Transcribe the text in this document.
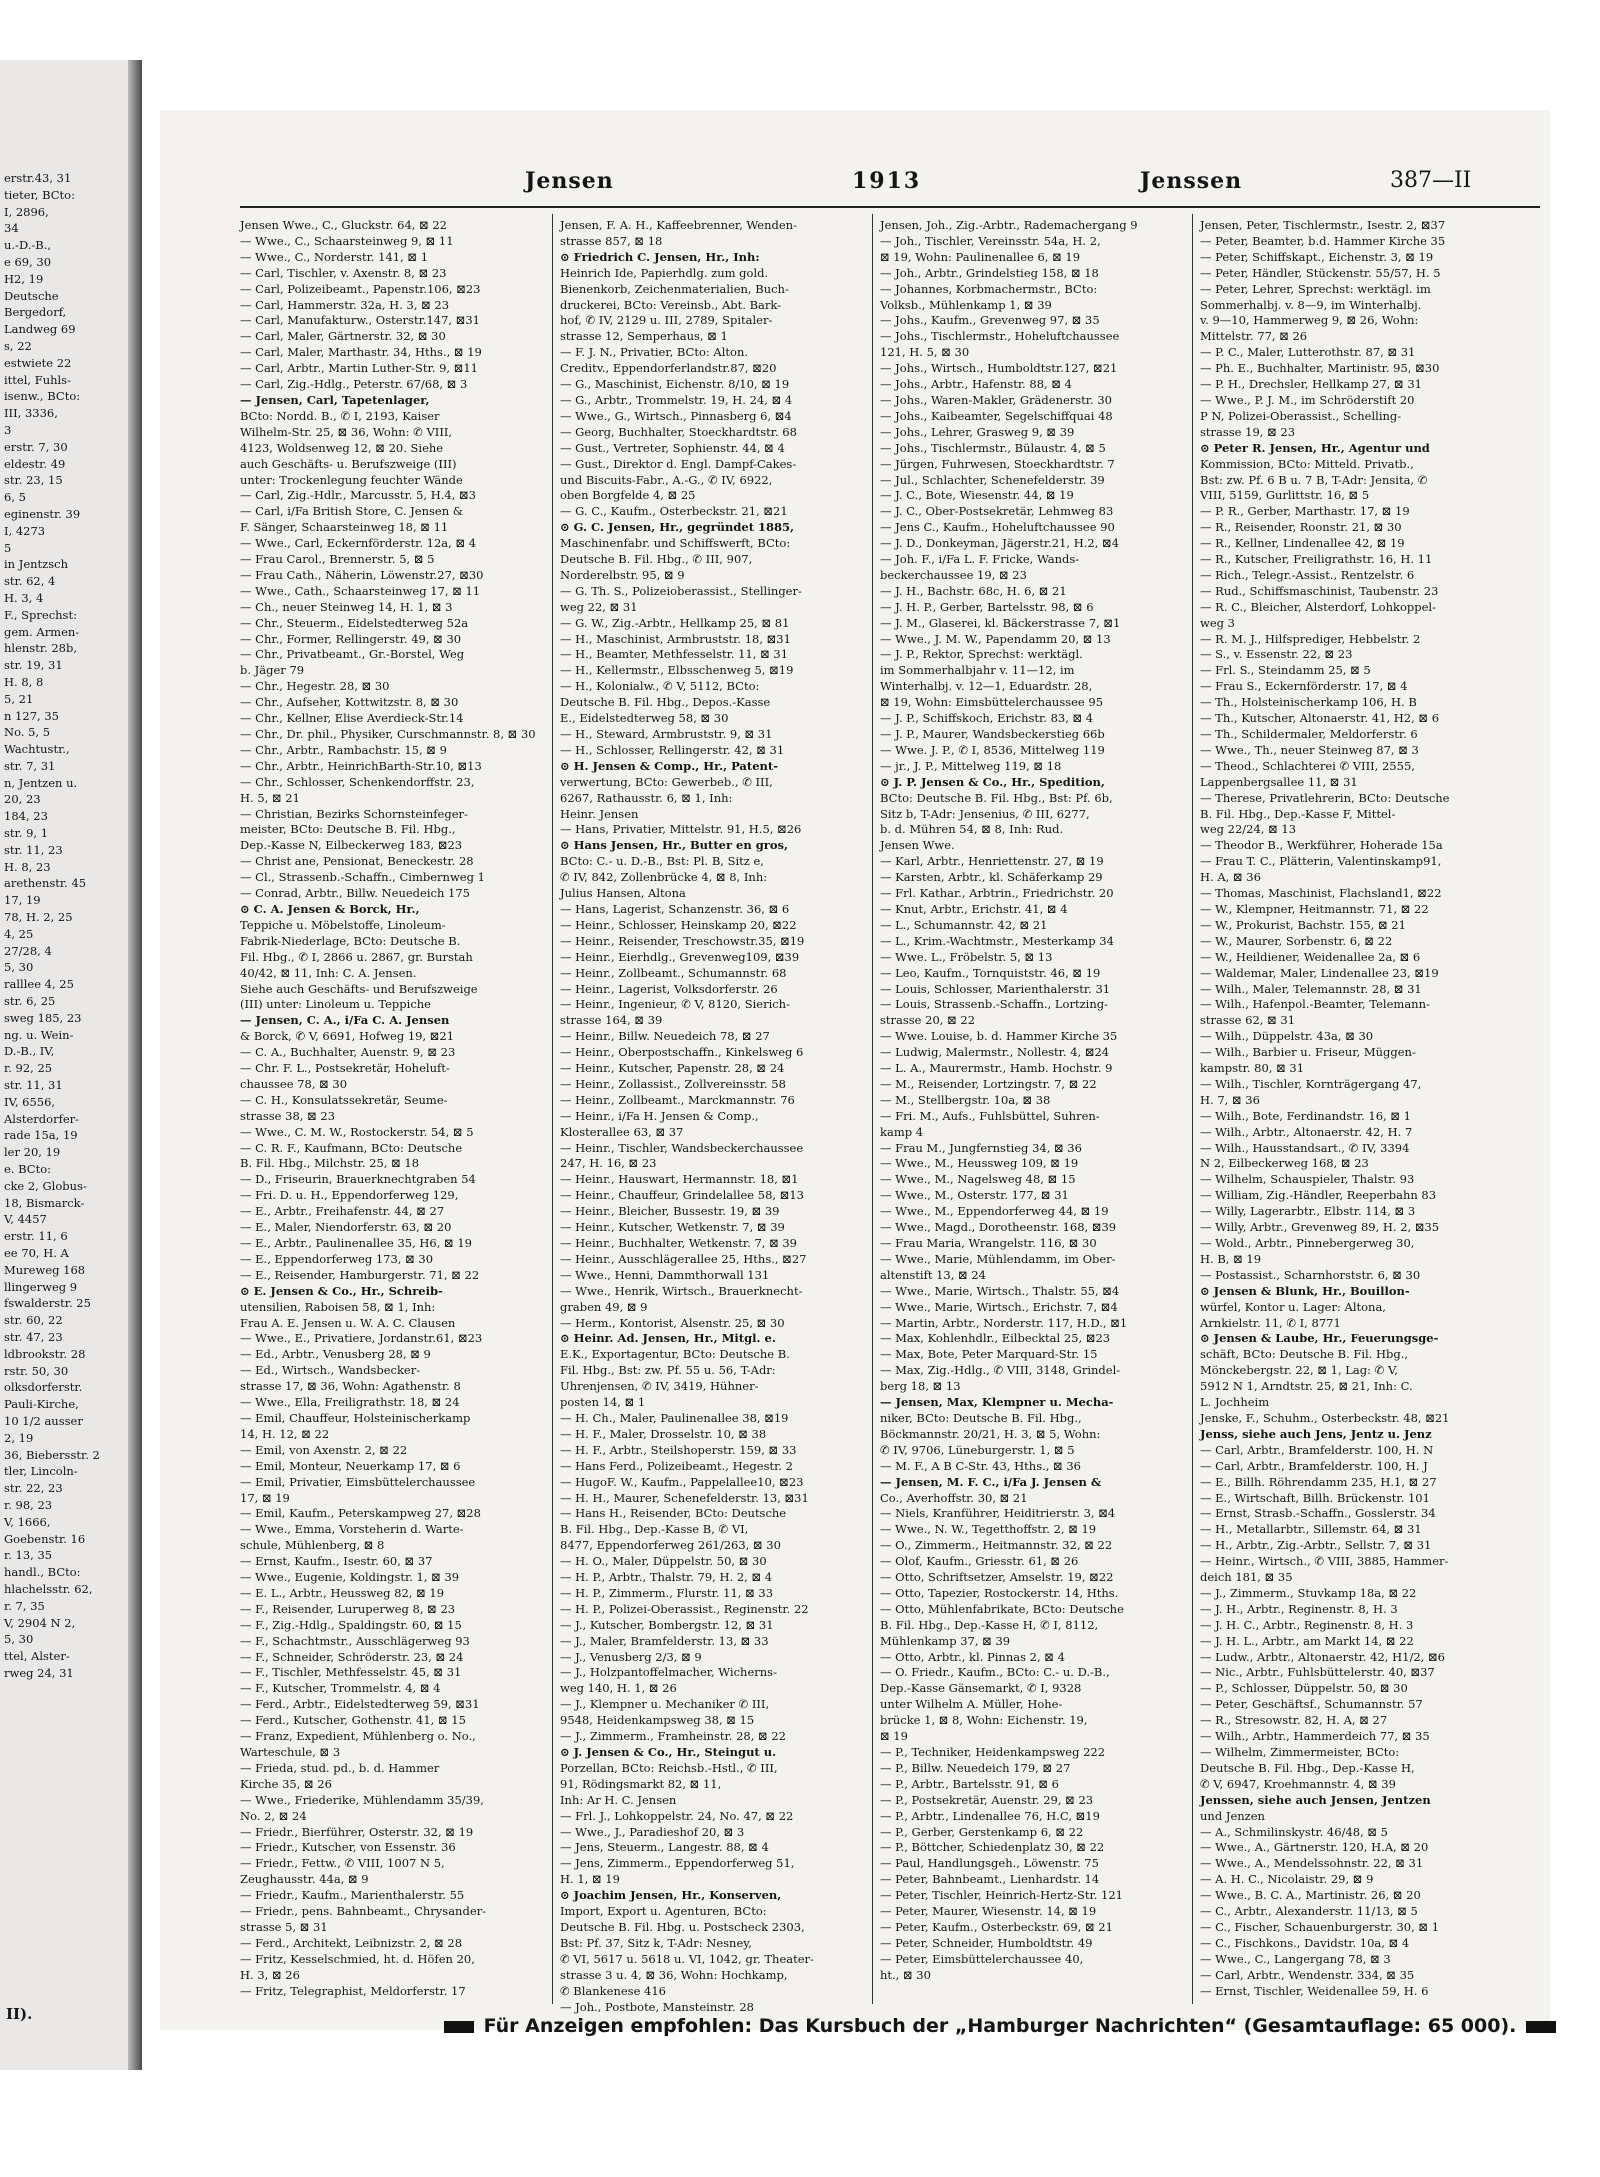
erstr.43, 31
tieter, BCto:
I, 2896,
34
u.-D.-B.,
e 69, 30
H2, 19
Deutsche
Bergedorf,
Landweg 69
s, 22
estwiete 22
ittel, Fuhls-
isenw., BCto:
III, 3336,
3
erstr. 7, 30
eldestr. 49
str. 23, 15
6, 5
eginenstr. 39
I, 4273
5
in Jentzsch
str. 62, 4
H. 3, 4
F., Sprechst:
gem. Armen-
hlenstr. 28b,
str. 19, 31
H. 8, 8
5, 21
n 127, 35
No. 5, 5
Wachtustr.,
str. 7, 31
n, Jentzen u.
20, 23
184, 23
str. 9, 1
str. 11, 23
H. 8, 23
arethenstr. 45
17, 19
78, H. 2, 25
4, 25
27/28, 4
5, 30
ralllee 4, 25
str. 6, 25
sweg 185, 23
ng. u. Wein-
D.-B., IV,
r. 92, 25
str. 11, 31
IV, 6556,
Alsterdorfer-
rade 15a, 19
ler 20, 19
e. BCto:
cke 2, Globus-
18, Bismarck-
V, 4457
erstr. 11, 6
ee 70, H. A
Mureweg 168
llingerweg 9
fswalderstr. 25
str. 60, 22
str. 47, 23
ldbrookstr. 28
rstr. 50, 30
olksdorferstr.
Pauli-Kirche,
10 1/2 ausser
2, 19
36, Biebersstr. 2
tler, Lincoln-
str. 22, 23
r. 98, 23
V, 1666,
Goebenstr. 16
r. 13, 35
handl., BCto:
hlachelsstr. 62,
r. 7, 35
V, 2904 N 2,
5, 30
ttel, Alster-
rweg 24, 31
II).
Jensen	1913	Jenssen	387—II
Jensen Wwe., C., Gluckstr. 64, ⊠ 22
— Wwe., C., Schaarsteinweg 9, ⊠ 11
— Wwe., C., Norderstr. 141, ⊠ 1
— Carl, Tischler, v. Axenstr. 8, ⊠ 23
— Carl, Polizeibeamt., Papenstr.106, ⊠23
— Carl, Hammerstr. 32a, H. 3, ⊠ 23
— Carl, Manufakturw., Osterstr.147, ⊠31
— Carl, Maler, Gärtnerstr. 32, ⊠ 30
— Carl, Maler, Marthastr. 34, Hths., ⊠ 19
— Carl, Arbtr., Martin Luther-Str. 9, ⊠11
— Carl, Zig.-Hdlg., Peterstr. 67/68, ⊠ 3
— Jensen, Carl, Tapetenlager,
BCto: Nordd. B., ✆ I, 2193, Kaiser
Wilhelm-Str. 25, ⊠ 36, Wohn: ✆ VIII,
4123, Woldsenweg 12, ⊠ 20. Siehe
auch Geschäfts- u. Berufszweige (III)
unter: Trockenlegung feuchter Wände
— Carl, Zig.-Hdlr., Marcusstr. 5, H.4, ⊠3
— Carl, i/Fa British Store, C. Jensen &
F. Sänger, Schaarsteinweg 18, ⊠ 11
— Wwe., Carl, Eckernförderstr. 12a, ⊠ 4
— Frau Carol., Brennerstr. 5, ⊠ 5
— Frau Cath., Näherin, Löwenstr.27, ⊠30
— Wwe., Cath., Schaarsteinweg 17, ⊠ 11
— Ch., neuer Steinweg 14, H. 1, ⊠ 3
— Chr., Steuerm., Eidelstedterweg 52a
— Chr., Former, Rellingerstr. 49, ⊠ 30
— Chr., Privatbeamt., Gr.-Borstel, Weg
b. Jäger 79
— Chr., Hegestr. 28, ⊠ 30
— Chr., Aufseher, Kottwitzstr. 8, ⊠ 30
— Chr., Kellner, Elise Averdieck-Str.14
— Chr., Dr. phil., Physiker, Curschmannstr. 8, ⊠ 30
— Chr., Arbtr., Rambachstr. 15, ⊠ 9
— Chr., Arbtr., HeinrichBarth-Str.10, ⊠13
— Chr., Schlosser, Schenkendorffstr. 23,
H. 5, ⊠ 21
— Christian, Bezirks Schornsteinfeger-
meister, BCto: Deutsche B. Fil. Hbg.,
Dep.-Kasse N, Eilbeckerweg 183, ⊠23
— Christ ane, Pensionat, Beneckestr. 28
— Cl., Strassenb.-Schaffn., Cimbernweg 1
— Conrad, Arbtr., Billw. Neuedeich 175
⊙ C. A. Jensen & Borck, Hr.,
Teppiche u. Möbelstoffe, Linoleum-
Fabrik-Niederlage, BCto: Deutsche B.
Fil. Hbg., ✆ I, 2866 u. 2867, gr. Burstah
40/42, ⊠ 11, Inh: C. A. Jensen.
Siehe auch Geschäfts- und Berufszweige
(III) unter: Linoleum u. Teppiche
— Jensen, C. A., i/Fa C. A. Jensen
& Borck, ✆ V, 6691, Hofweg 19, ⊠21
— C. A., Buchhalter, Auenstr. 9, ⊠ 23
— Chr. F. L., Postsekretär, Hoheluft-
chaussee 78, ⊠ 30
— C. H., Konsulatssekretär, Seume-
strasse 38, ⊠ 23
— Wwe., C. M. W., Rostockerstr. 54, ⊠ 5
— C. R. F., Kaufmann, BCto: Deutsche
B. Fil. Hbg., Milchstr. 25, ⊠ 18
— D., Friseurin, Brauerknechtgraben 54
— Fri. D. u. H., Eppendorferweg 129,
— E., Arbtr., Freihafenstr. 44, ⊠ 27
— E., Maler, Niendorferstr. 63, ⊠ 20
— E., Arbtr., Paulinenallee 35, H6, ⊠ 19
— E., Eppendorferweg 173, ⊠ 30
— E., Reisender, Hamburgerstr. 71, ⊠ 22
⊙ E. Jensen & Co., Hr., Schreib-
utensilien, Raboisen 58, ⊠ 1, Inh:
Frau A. E. Jensen u. W. A. C. Clausen
— Wwe., E., Privatiere, Jordanstr.61, ⊠23
— Ed., Arbtr., Venusberg 28, ⊠ 9
— Ed., Wirtsch., Wandsbecker-
strasse 17, ⊠ 36, Wohn: Agathenstr. 8
— Wwe., Ella, Freiligrathstr. 18, ⊠ 24
— Emil, Chauffeur, Holsteinischerkamp
14, H. 12, ⊠ 22
— Emil, von Axenstr. 2, ⊠ 22
— Emil, Monteur, Neuerkamp 17, ⊠ 6
— Emil, Privatier, Eimsbüttelerchaussee
17, ⊠ 19
— Emil, Kaufm., Peterskampweg 27, ⊠28
— Wwe., Emma, Vorsteherin d. Warte-
schule, Mühlenberg, ⊠ 8
— Ernst, Kaufm., Isestr. 60, ⊠ 37
— Wwe., Eugenie, Koldingstr. 1, ⊠ 39
— E. L., Arbtr., Heussweg 82, ⊠ 19
— F., Reisender, Luruperweg 8, ⊠ 23
— F., Zig.-Hdlg., Spaldingstr. 60, ⊠ 15
— F., Schachtmstr., Ausschlägerweg 93
— F., Schneider, Schröderstr. 23, ⊠ 24
— F., Tischler, Methfesselstr. 45, ⊠ 31
— F., Kutscher, Trommelstr. 4, ⊠ 4
— Ferd., Arbtr., Eidelstedterweg 59, ⊠31
— Ferd., Kutscher, Gothenstr. 41, ⊠ 15
— Franz, Expedient, Mühlenberg o. No.,
Warteschule, ⊠ 3
— Frieda, stud. pd., b. d. Hammer
Kirche 35, ⊠ 26
— Wwe., Friederike, Mühlendamm 35/39,
No. 2, ⊠ 24
— Friedr., Bierführer, Osterstr. 32, ⊠ 19
— Friedr., Kutscher, von Essenstr. 36
— Friedr., Fettw., ✆ VIII, 1007 N 5,
Zeughausstr. 44a, ⊠ 9
— Friedr., Kaufm., Marienthalerstr. 55
— Friedr., pens. Bahnbeamt., Chrysander-
strasse 5, ⊠ 31
— Ferd., Architekt, Leibnizstr. 2, ⊠ 28
— Fritz, Kesselschmied, ht. d. Höfen 20,
H. 3, ⊠ 26
— Fritz, Telegraphist, Meldorferstr. 17
Jensen, F. A. H., Kaffeebrenner, Wenden-
strasse 857, ⊠ 18
⊙ Friedrich C. Jensen, Hr., Inh:
Heinrich Ide, Papierhdlg. zum gold.
Bienenkorb, Zeichenmaterialien, Buch-
druckerei, BCto: Vereinsb., Abt. Bark-
hof, ✆ IV, 2129 u. III, 2789, Spitaler-
strasse 12, Semperhaus, ⊠ 1
— F. J. N., Privatier, BCto: Alton.
Creditv., Eppendorferlandstr.87, ⊠20
— G., Maschinist, Eichenstr. 8/10, ⊠ 19
— G., Arbtr., Trommelstr. 19, H. 24, ⊠ 4
— Wwe., G., Wirtsch., Pinnasberg 6, ⊠4
— Georg, Buchhalter, Stoeckhardtstr. 68
— Gust., Vertreter, Sophienstr. 44, ⊠ 4
— Gust., Direktor d. Engl. Dampf-Cakes-
und Biscuits-Fabr., A.-G., ✆ IV, 6922,
oben Borgfelde 4, ⊠ 25
— G. C., Kaufm., Osterbeckstr. 21, ⊠21
⊙ G. C. Jensen, Hr., gegründet 1885,
Maschinenfabr. und Schiffswerft, BCto:
Deutsche B. Fil. Hbg., ✆ III, 907,
Norderelbstr. 95, ⊠ 9
— G. Th. S., Polizeioberassist., Stellinger-
weg 22, ⊠ 31
— G. W., Zig.-Arbtr., Hellkamp 25, ⊠ 81
— H., Maschinist, Armbruststr. 18, ⊠31
— H., Beamter, Methfesselstr. 11, ⊠ 31
— H., Kellermstr., Elbsschenweg 5, ⊠19
— H., Kolonialw., ✆ V, 5112, BCto:
Deutsche B. Fil. Hbg., Depos.-Kasse
E., Eidelstedterweg 58, ⊠ 30
— H., Steward, Armbruststr. 9, ⊠ 31
— H., Schlosser, Rellingerstr. 42, ⊠ 31
⊙ H. Jensen & Comp., Hr., Patent-
verwertung, BCto: Gewerbeb., ✆ III,
6267, Rathausstr. 6, ⊠ 1, Inh:
Heinr. Jensen
— Hans, Privatier, Mittelstr. 91, H.5, ⊠26
⊙ Hans Jensen, Hr., Butter en gros,
BCto: C.- u. D.-B., Bst: Pl. B, Sitz e,
✆ IV, 842, Zollenbrücke 4, ⊠ 8, Inh:
Julius Hansen, Altona
— Hans, Lagerist, Schanzenstr. 36, ⊠ 6
— Heinr., Schlosser, Heinskamp 20, ⊠22
— Heinr., Reisender, Treschowstr.35, ⊠19
— Heinr., Eierhdlg., Grevenweg109, ⊠39
— Heinr., Zollbeamt., Schumannstr. 68
— Heinr., Lagerist, Volksdorferstr. 26
— Heinr., Ingenieur, ✆ V, 8120, Sierich-
strasse 164, ⊠ 39
— Heinr., Billw. Neuedeich 78, ⊠ 27
— Heinr., Oberpostschaffn., Kinkelsweg 6
— Heinr., Kutscher, Papenstr. 28, ⊠ 24
— Heinr., Zollassist., Zollvereinsstr. 58
— Heinr., Zollbeamt., Marckmannstr. 76
— Heinr., i/Fa H. Jensen & Comp.,
Klosterallee 63, ⊠ 37
— Heinr., Tischler, Wandsbeckerchaussee
247, H. 16, ⊠ 23
— Heinr., Hauswart, Hermannstr. 18, ⊠1
— Heinr., Chauffeur, Grindelallee 58, ⊠13
— Heinr., Bleicher, Bussestr. 19, ⊠ 39
— Heinr., Kutscher, Wetkenstr. 7, ⊠ 39
— Heinr., Buchhalter, Wetkenstr. 7, ⊠ 39
— Heinr., Ausschlägerallee 25, Hths., ⊠27
— Wwe., Henni, Dammthorwall 131
— Wwe., Henrik, Wirtsch., Brauerknecht-
graben 49, ⊠ 9
— Herm., Kontorist, Alsenstr. 25, ⊠ 30
⊙ Heinr. Ad. Jensen, Hr., Mitgl. e.
E.K., Exportagentur, BCto: Deutsche B.
Fil. Hbg., Bst: zw. Pf. 55 u. 56, T-Adr:
Uhrenjensen, ✆ IV, 3419, Hühner-
posten 14, ⊠ 1
— H. Ch., Maler, Paulinenallee 38, ⊠19
— H. F., Maler, Drosselstr. 10, ⊠ 38
— H. F., Arbtr., Steilshoperstr. 159, ⊠ 33
— Hans Ferd., Polizeibeamt., Hegestr. 2
— HugoF. W., Kaufm., Pappelallee10, ⊠23
— H. H., Maurer, Schenefelderstr. 13, ⊠31
— Hans H., Reisender, BCto: Deutsche
B. Fil. Hbg., Dep.-Kasse B, ✆ VI,
8477, Eppendorferweg 261/263, ⊠ 30
— H. O., Maler, Düppelstr. 50, ⊠ 30
— H. P., Arbtr., Thalstr. 79, H. 2, ⊠ 4
— H. P., Zimmerm., Flurstr. 11, ⊠ 33
— H. P., Polizei-Oberassist., Reginenstr. 22
— J., Kutscher, Bombergstr. 12, ⊠ 31
— J., Maler, Bramfelderstr. 13, ⊠ 33
— J., Venusberg 2/3, ⊠ 9
— J., Holzpantoffelmacher, Wicherns-
weg 140, H. 1, ⊠ 26
— J., Klempner u. Mechaniker ✆ III,
9548, Heidenkampsweg 38, ⊠ 15
— J., Zimmerm., Framheinstr. 28, ⊠ 22
⊙ J. Jensen & Co., Hr., Steingut u.
Porzellan, BCto: Reichsb.-Hstl., ✆ III,
91, Rödingsmarkt 82, ⊠ 11,
Inh: Ar H. C. Jensen
— Frl. J., Lohkoppelstr. 24, No. 47, ⊠ 22
— Wwe., J., Paradieshof 20, ⊠ 3
— Jens, Steuerm., Langestr. 88, ⊠ 4
— Jens, Zimmerm., Eppendorferweg 51,
H. 1, ⊠ 19
⊙ Joachim Jensen, Hr., Konserven,
Import, Export u. Agenturen, BCto:
Deutsche B. Fil. Hbg. u. Postscheck 2303,
Bst: Pf. 37, Sitz k, T-Adr: Nesney,
✆ VI, 5617 u. 5618 u. VI, 1042, gr. Theater-
strasse 3 u. 4, ⊠ 36, Wohn: Hochkamp,
✆ Blankenese 416
— Joh., Postbote, Mansteinstr. 28
Jensen, Joh., Zig.-Arbtr., Rademachergang 9
— Joh., Tischler, Vereinsstr. 54a, H. 2,
⊠ 19, Wohn: Paulinenallee 6, ⊠ 19
— Joh., Arbtr., Grindelstieg 158, ⊠ 18
— Johannes, Korbmachermstr., BCto:
Volksb., Mühlenkamp 1, ⊠ 39
— Johs., Kaufm., Grevenweg 97, ⊠ 35
— Johs., Tischlermstr., Hoheluftchaussee
121, H. 5, ⊠ 30
— Johs., Wirtsch., Humboldtstr.127, ⊠21
— Johs., Arbtr., Hafenstr. 88, ⊠ 4
— Johs., Waren-Makler, Grädenerstr. 30
— Johs., Kaibeamter, Segelschiffquai 48
— Johs., Lehrer, Grasweg 9, ⊠ 39
— Johs., Tischlermstr., Bülaustr. 4, ⊠ 5
— Jürgen, Fuhrwesen, Stoeckhardtstr. 7
— Jul., Schlachter, Schenefelderstr. 39
— J. C., Bote, Wiesenstr. 44, ⊠ 19
— J. C., Ober-Postsekretär, Lehmweg 83
— Jens C., Kaufm., Hoheluftchaussee 90
— J. D., Donkeyman, Jägerstr.21, H.2, ⊠4
— Joh. F., i/Fa L. F. Fricke, Wands-
beckerchaussee 19, ⊠ 23
— J. H., Bachstr. 68c, H. 6, ⊠ 21
— J. H. P., Gerber, Bartelsstr. 98, ⊠ 6
— J. M., Glaserei, kl. Bäckerstrasse 7, ⊠1
— Wwe., J. M. W., Papendamm 20, ⊠ 13
— J. P., Rektor, Sprechst: werktägl.
im Sommerhalbjahr v. 11—12, im
Winterhalbj. v. 12—1, Eduardstr. 28,
⊠ 19, Wohn: Eimsbüttelerchaussee 95
— J. P., Schiffskoch, Erichstr. 83, ⊠ 4
— J. P., Maurer, Wandsbeckerstieg 66b
— Wwe. J. P., ✆ I, 8536, Mittelweg 119
— jr., J. P., Mittelweg 119, ⊠ 18
⊙ J. P. Jensen & Co., Hr., Spedition,
BCto: Deutsche B. Fil. Hbg., Bst: Pf. 6b,
Sitz b, T-Adr: Jensenius, ✆ III, 6277,
b. d. Mühren 54, ⊠ 8, Inh: Rud.
Jensen Wwe.
— Karl, Arbtr., Henriettenstr. 27, ⊠ 19
— Karsten, Arbtr., kl. Schäferkamp 29
— Frl. Kathar., Arbtrin., Friedrichstr. 20
— Knut, Arbtr., Erichstr. 41, ⊠ 4
— L., Schumannstr. 42, ⊠ 21
— L., Krim.-Wachtmstr., Mesterkamp 34
— Wwe. L., Fröbelstr. 5, ⊠ 13
— Leo, Kaufm., Tornquiststr. 46, ⊠ 19
— Louis, Schlosser, Marienthalerstr. 31
— Louis, Strassenb.-Schaffn., Lortzing-
strasse 20, ⊠ 22
— Wwe. Louise, b. d. Hammer Kirche 35
— Ludwig, Malermstr., Nollestr. 4, ⊠24
— L. A., Maurermstr., Hamb. Hochstr. 9
— M., Reisender, Lortzingstr. 7, ⊠ 22
— M., Stellbergstr. 10a, ⊠ 38
— Fri. M., Aufs., Fuhlsbüttel, Suhren-
kamp 4
— Frau M., Jungfernstieg 34, ⊠ 36
— Wwe., M., Heussweg 109, ⊠ 19
— Wwe., M., Nagelsweg 48, ⊠ 15
— Wwe., M., Osterstr. 177, ⊠ 31
— Wwe., M., Eppendorferweg 44, ⊠ 19
— Wwe., Magd., Dorotheenstr. 168, ⊠39
— Frau Maria, Wrangelstr. 116, ⊠ 30
— Wwe., Marie, Mühlendamm, im Ober-
altenstift 13, ⊠ 24
— Wwe., Marie, Wirtsch., Thalstr. 55, ⊠4
— Wwe., Marie, Wirtsch., Erichstr. 7, ⊠4
— Martin, Arbtr., Norderstr. 117, H.D., ⊠1
— Max, Kohlenhdlr., Eilbecktal 25, ⊠23
— Max, Bote, Peter Marquard-Str. 15
— Max, Zig.-Hdlg., ✆ VIII, 3148, Grindel-
berg 18, ⊠ 13
— Jensen, Max, Klempner u. Mecha-
niker, BCto: Deutsche B. Fil. Hbg.,
Böckmannstr. 20/21, H. 3, ⊠ 5, Wohn:
✆ IV, 9706, Lüneburgerstr. 1, ⊠ 5
— M. F., A B C-Str. 43, Hths., ⊠ 36
— Jensen, M. F. C., i/Fa J. Jensen &
Co., Averhoffstr. 30, ⊠ 21
— Niels, Kranführer, Heiditrierstr. 3, ⊠4
— Wwe., N. W., Tegetthoffstr. 2, ⊠ 19
— O., Zimmerm., Heitmannstr. 32, ⊠ 22
— Olof, Kaufm., Griesstr. 61, ⊠ 26
— Otto, Schriftsetzer, Amselstr. 19, ⊠22
— Otto, Tapezier, Rostockerstr. 14, Hths.
— Otto, Mühlenfabrikate, BCto: Deutsche
B. Fil. Hbg., Dep.-Kasse H, ✆ I, 8112,
Mühlenkamp 37, ⊠ 39
— Otto, Arbtr., kl. Pinnas 2, ⊠ 4
— O. Friedr., Kaufm., BCto: C.- u. D.-B.,
Dep.-Kasse Gänsemarkt, ✆ I, 9328
unter Wilhelm A. Müller, Hohe-
brücke 1, ⊠ 8, Wohn: Eichenstr. 19,
⊠ 19
— P., Techniker, Heidenkampsweg 222
— P., Billw. Neuedeich 179, ⊠ 27
— P., Arbtr., Bartelsstr. 91, ⊠ 6
— P., Postsekretär, Auenstr. 29, ⊠ 23
— P., Arbtr., Lindenallee 76, H.C, ⊠19
— P., Gerber, Gerstenkamp 6, ⊠ 22
— P., Böttcher, Schiedenplatz 30, ⊠ 22
— Paul, Handlungsgeh., Löwenstr. 75
— Peter, Bahnbeamt., Lienhardstr. 14
— Peter, Tischler, Heinrich-Hertz-Str. 121
— Peter, Maurer, Wiesenstr. 14, ⊠ 19
— Peter, Kaufm., Osterbeckstr. 69, ⊠ 21
— Peter, Schneider, Humboldtstr. 49
— Peter, Eimsbüttelerchaussee 40,
ht., ⊠ 30
Jensen, Peter, Tischlermstr., Isestr. 2, ⊠37
— Peter, Beamter, b.d. Hammer Kirche 35
— Peter, Schiffskapt., Eichenstr. 3, ⊠ 19
— Peter, Händler, Stückenstr. 55/57, H. 5
— Peter, Lehrer, Sprechst: werktägl. im
Sommerhalbj. v. 8—9, im Winterhalbj.
v. 9—10, Hammerweg 9, ⊠ 26, Wohn:
Mittelstr. 77, ⊠ 26
— P. C., Maler, Lutterothstr. 87, ⊠ 31
— Ph. E., Buchhalter, Martinistr. 95, ⊠30
— P. H., Drechsler, Hellkamp 27, ⊠ 31
— Wwe., P. J. M., im Schröderstift 20
P N, Polizei-Oberassist., Schelling-
strasse 19, ⊠ 23
⊙ Peter R. Jensen, Hr., Agentur und
Kommission, BCto: Mitteld. Privatb.,
Bst: zw. Pf. 6 B u. 7 B, T-Adr: Jensita, ✆
VIII, 5159, Gurlittstr. 16, ⊠ 5
— P. R., Gerber, Marthastr. 17, ⊠ 19
— R., Reisender, Roonstr. 21, ⊠ 30
— R., Kellner, Lindenallee 42, ⊠ 19
— R., Kutscher, Freiligrathstr. 16, H. 11
— Rich., Telegr.-Assist., Rentzelstr. 6
— Rud., Schiffsmaschinist, Taubenstr. 23
— R. C., Bleicher, Alsterdorf, Lohkoppel-
weg 3
— R. M. J., Hilfsprediger, Hebbelstr. 2
— S., v. Essenstr. 22, ⊠ 23
— Frl. S., Steindamm 25, ⊠ 5
— Frau S., Eckernförderstr. 17, ⊠ 4
— Th., Holsteinischerkamp 106, H. B
— Th., Kutscher, Altonaerstr. 41, H2, ⊠ 6
— Th., Schildermaler, Meldorferstr. 6
— Wwe., Th., neuer Steinweg 87, ⊠ 3
— Theod., Schlachterei ✆ VIII, 2555,
Lappenbergsallee 11, ⊠ 31
— Therese, Privatlehrerin, BCto: Deutsche
B. Fil. Hbg., Dep.-Kasse F, Mittel-
weg 22/24, ⊠ 13
— Theodor B., Werkführer, Hoherade 15a
— Frau T. C., Plätterin, Valentinskamp91,
H. A, ⊠ 36
— Thomas, Maschinist, Flachsland1, ⊠22
— W., Klempner, Heitmannstr. 71, ⊠ 22
— W., Prokurist, Bachstr. 155, ⊠ 21
— W., Maurer, Sorbenstr. 6, ⊠ 22
— W., Heildiener, Weidenallee 2a, ⊠ 6
— Waldemar, Maler, Lindenallee 23, ⊠19
— Wilh., Maler, Telemannstr. 28, ⊠ 31
— Wilh., Hafenpol.-Beamter, Telemann-
strasse 62, ⊠ 31
— Wilh., Düppelstr. 43a, ⊠ 30
— Wilh., Barbier u. Friseur, Müggen-
kampstr. 80, ⊠ 31
— Wilh., Tischler, Kornträgergang 47,
H. 7, ⊠ 36
— Wilh., Bote, Ferdinandstr. 16, ⊠ 1
— Wilh., Arbtr., Altonaerstr. 42, H. 7
— Wilh., Hausstandsart., ✆ IV, 3394
N 2, Eilbeckerweg 168, ⊠ 23
— Wilhelm, Schauspieler, Thalstr. 93
— William, Zig.-Händler, Reeperbahn 83
— Willy, Lagerarbtr., Elbstr. 114, ⊠ 3
— Willy, Arbtr., Grevenweg 89, H. 2, ⊠35
— Wold., Arbtr., Pinnebergerweg 30,
H. B, ⊠ 19
— Postassist., Scharnhorststr. 6, ⊠ 30
⊙ Jensen & Blunk, Hr., Bouillon-
würfel, Kontor u. Lager: Altona,
Arnkielstr. 11, ✆ I, 8771
⊙ Jensen & Laube, Hr., Feuerungsge-
schäft, BCto: Deutsche B. Fil. Hbg.,
Mönckebergstr. 22, ⊠ 1, Lag: ✆ V,
5912 N 1, Arndtstr. 25, ⊠ 21, Inh: C.
L. Jochheim
Jenske, F., Schuhm., Osterbeckstr. 48, ⊠21
Jenss, siehe auch Jens, Jentz u. Jenz
— Carl, Arbtr., Bramfelderstr. 100, H. N
— Carl, Arbtr., Bramfelderstr. 100, H. J
— E., Billh. Röhrendamm 235, H.1, ⊠ 27
— E., Wirtschaft, Billh. Brückenstr. 101
— Ernst, Strasb.-Schaffn., Gosslerstr. 34
— H., Metallarbtr., Sillemstr. 64, ⊠ 31
— H., Arbtr., Zig.-Arbtr., Sellstr. 7, ⊠ 31
— Heinr., Wirtsch., ✆ VIII, 3885, Hammer-
deich 181, ⊠ 35
— J., Zimmerm., Stuvkamp 18a, ⊠ 22
— J. H., Arbtr., Reginenstr. 8, H. 3
— J. H. C., Arbtr., Reginenstr. 8, H. 3
— J. H. L., Arbtr., am Markt 14, ⊠ 22
— Ludw., Arbtr., Altonaerstr. 42, H1/2, ⊠6
— Nic., Arbtr., Fuhlsbüttelerstr. 40, ⊠37
— P., Schlosser, Düppelstr. 50, ⊠ 30
— Peter, Geschäftsf., Schumannstr. 57
— R., Stresowstr. 82, H. A, ⊠ 27
— Wilh., Arbtr., Hammerdeich 77, ⊠ 35
— Wilhelm, Zimmermeister, BCto:
Deutsche B. Fil. Hbg., Dep.-Kasse H,
✆ V, 6947, Kroehmannstr. 4, ⊠ 39
Jenssen, siehe auch Jensen, Jentzen
und Jenzen
— A., Schmilinskystr. 46/48, ⊠ 5
— Wwe., A., Gärtnerstr. 120, H.A, ⊠ 20
— Wwe., A., Mendelssohnstr. 22, ⊠ 31
— A. H. C., Nicolaistr. 29, ⊠ 9
— Wwe., B. C. A., Martinistr. 26, ⊠ 20
— C., Arbtr., Alexanderstr. 11/13, ⊠ 5
— C., Fischer, Schauenburgerstr. 30, ⊠ 1
— C., Fischkons., Davidstr. 10a, ⊠ 4
— Wwe., C., Langergang 78, ⊠ 3
— Carl, Arbtr., Wendenstr. 334, ⊠ 35
— Ernst, Tischler, Weidenallee 59, H. 6
Für Anzeigen empfohlen: Das Kursbuch der „Hamburger Nachrichten“ (Gesamtauflage: 65 000).
